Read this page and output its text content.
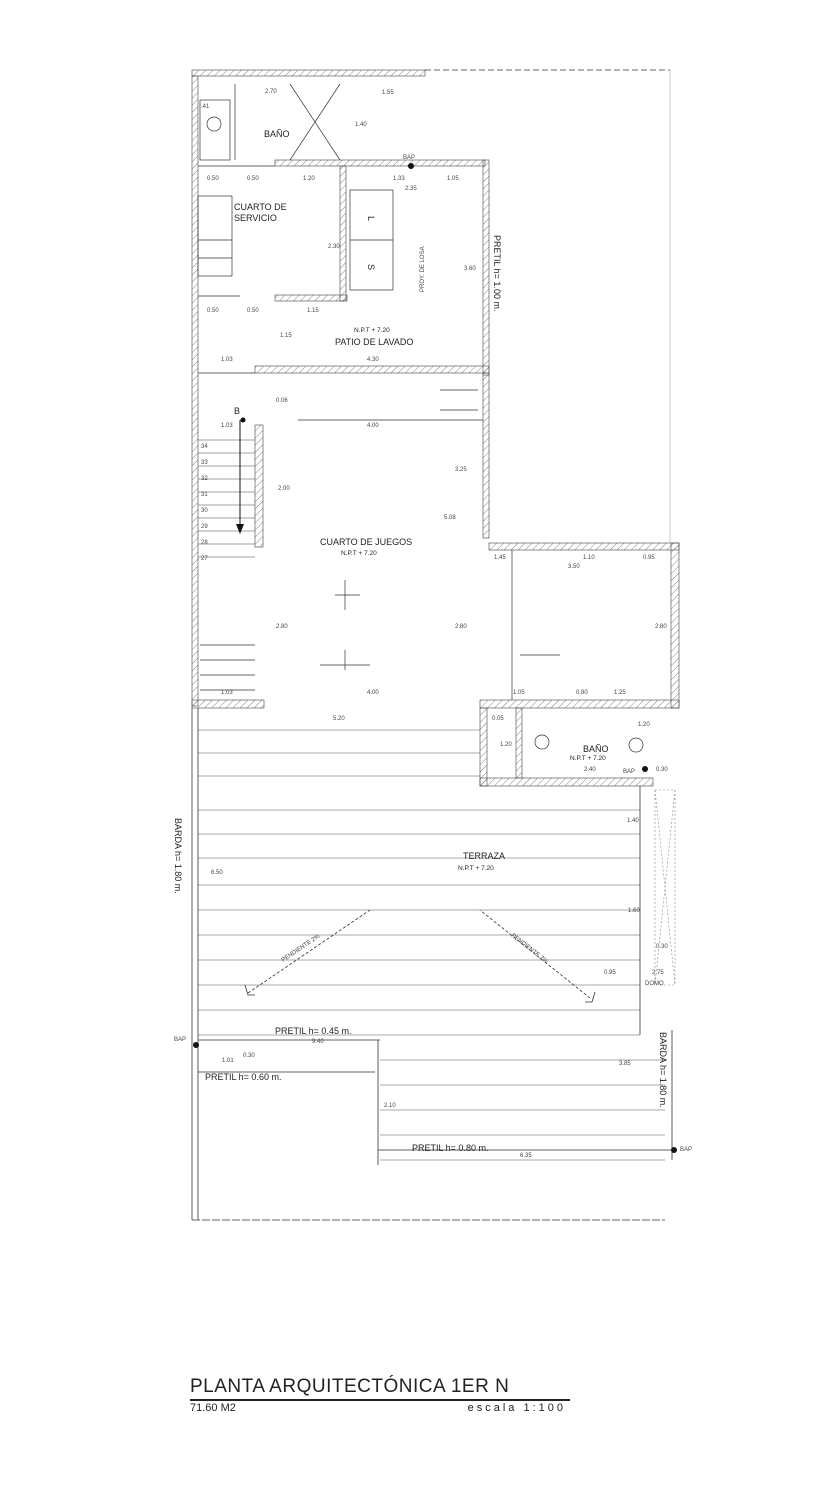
BAÑO
CUARTO DE
SERVICIO
PATIO DE LAVADO
N.P.T + 7.20
CUARTO DE JUEGOS
N.P.T + 7.20
BAÑO
N.P.T + 7.20
TERRAZA
N.P.T + 7.20
PRETIL h= 1.00 m.
BARDA h= 1.80 m.
BARDA h= 1.80 m.
PRETIL h= 0.45 m.
PRETIL h= 0.60 m.
PRETIL h= 0.80 m.
PROY. DE LOSA
PENDIENTE 2%	PENDIENTE 2%
BAP
BAP
BAP
BAP
B
L
S
DOMO
2.70	1.55
1.40
.41
0.50	0.50	1.20	1.33	1.05
2.35
2.30
3.60
0.50	0.50	1.15
1.15
1.03	4.30
0.06
1.03	4.00
3.25
2.00
5.08
34
33
32
31
30
29
28
27	1.45	1.10	0.95
3.50
2.80	2.80	2.80
1.03	4.00	1.05	0.80	1.25
5.20	0.05
1.20
1.20
2.40	0.30
1.40
6.50
1.60
0.30
0.95	2.75
9.40
1.01
0.30
3.85
2.10
6.35
PLANTA ARQUITECTÓNICA 1ER N
71.60 M2	escala 1:100
